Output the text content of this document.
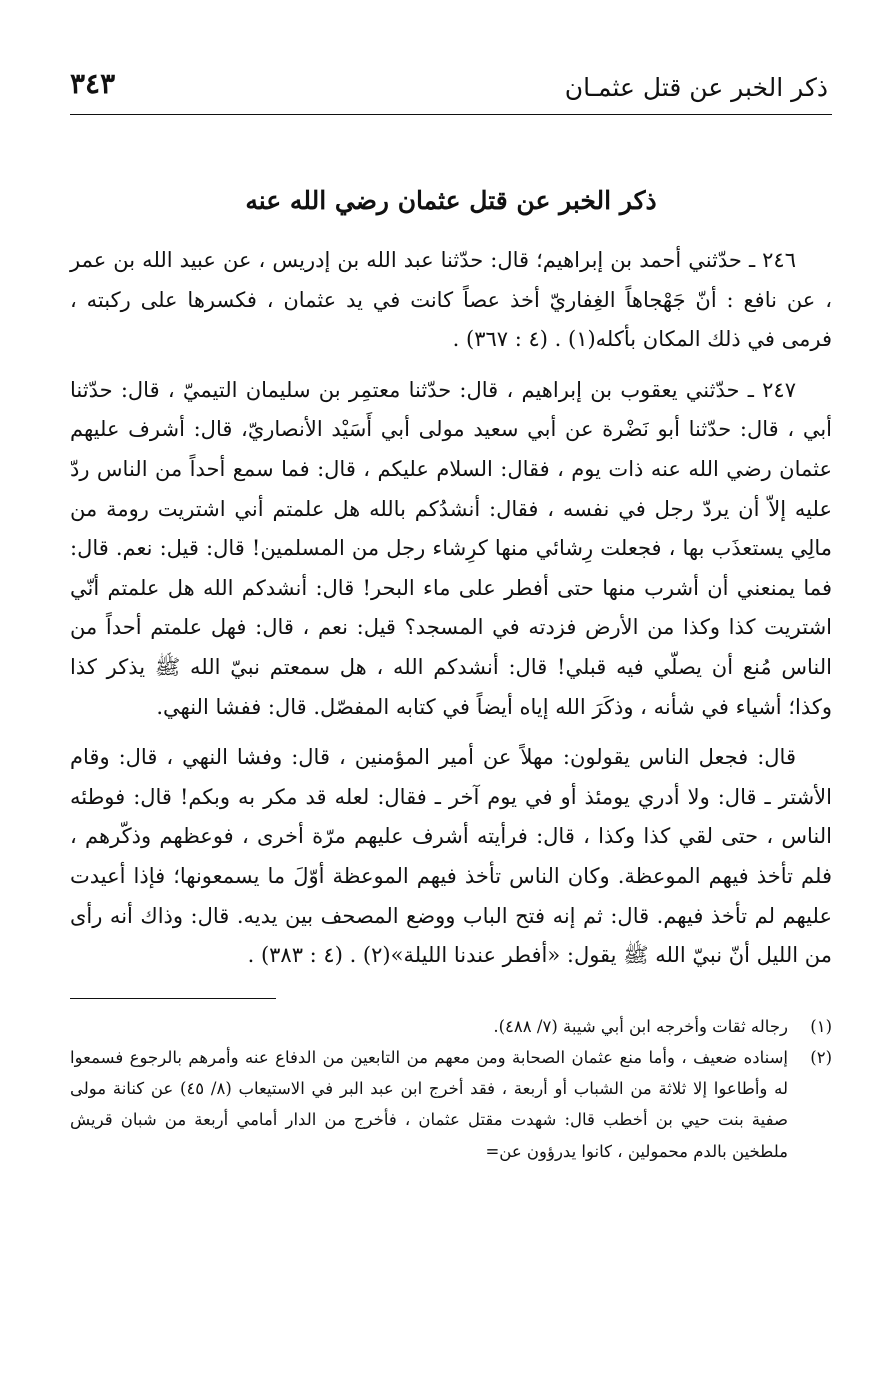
ذكر الخبر عن قتل عثمـان
٣٤٣
ذكر الخبر عن قتل عثمان رضي الله عنه

٢٤٦ ـ حدّثني أحمد بن إبراهيم؛ قال: حدّثنا عبد الله بن إدريس ، عن عبيد الله بن عمر ، عن نافع : أنّ جَهْجاهاً الغِفاريّ أخذ عصاً كانت في يد عثمان ، فكسرها على ركبته ، فرمى في ذلك المكان بأكله(١) . (٤ : ٣٦٧) .

٢٤٧ ـ حدّثني يعقوب بن إبراهيم ، قال: حدّثنا معتمِر بن سليمان التيميّ ، قال: حدّثنا أبي ، قال: حدّثنا أبو نَضْرة عن أبي سعيد مولى أبي أَسَيْد الأنصاريّ، قال: أشرف عليهم عثمان رضي الله عنه ذات يوم ، فقال: السلام عليكم ، قال: فما سمع أحداً من الناس ردّ عليه إلاّ أن يردّ رجل في نفسه ، فقال: أنشدُكم بالله هل علمتم أني اشتريت رومة من مالِي يستعذَب بها ، فجعلت رِشائي منها كرِشاء رجل من المسلمين! قال: قيل: نعم. قال: فما يمنعني أن أشرب منها حتى أفطر على ماء البحر! قال: أنشدكم الله هل علمتم أنّي اشتريت كذا وكذا من الأرض فزدته في المسجد؟ قيل: نعم ، قال: فهل علمتم أحداً من الناس مُنع أن يصلّي فيه قبلي! قال: أنشدكم الله ، هل سمعتم نبيّ الله ﷺ يذكر كذا وكذا؛ أشياء في شأنه ، وذكَرَ الله إياه أيضاً في كتابه المفصّل. قال: ففشا النهي.

قال: فجعل الناس يقولون: مهلاً عن أمير المؤمنين ، قال: وفشا النهي ، قال: وقام الأشتر ـ قال: ولا أدري يومئذ أو في يوم آخر ـ فقال: لعله قد مكر به وبكم! قال: فوطئه الناس ، حتى لقي كذا وكذا ، قال: فرأيته أشرف عليهم مرّة أخرى ، فوعظهم وذكّرهم ، فلم تأخذ فيهم الموعظة. وكان الناس تأخذ فيهم الموعظة أوّلَ ما يسمعونها؛ فإذا أعيدت عليهم لم تأخذ فيهم. قال: ثم إنه فتح الباب ووضع المصحف بين يديه. قال: وذاك أنه رأى من الليل أنّ نبيّ الله ﷺ يقول: «أفطر عندنا الليلة»(٢) . (٤ : ٣٨٣) .

(١)
رجاله ثقات وأخرجه ابن أبي شيبة (٧/ ٤٨٨).
(٢)
إسناده ضعيف ، وأما منع عثمان الصحابة ومن معهم من التابعين من الدفاع عنه وأمرهم بالرجوع فسمعوا له وأطاعوا إلا ثلاثة من الشباب أو أربعة ، فقد أخرج ابن عبد البر في الاستيعاب (٨/ ٤٥) عن كنانة مولى صفية بنت حيي بن أخطب قال: شهدت مقتل عثمان ، فأخرج من الدار أمامي أربعة من شبان قريش ملطخين بالدم محمولين ، كانوا يدرؤون عن=
